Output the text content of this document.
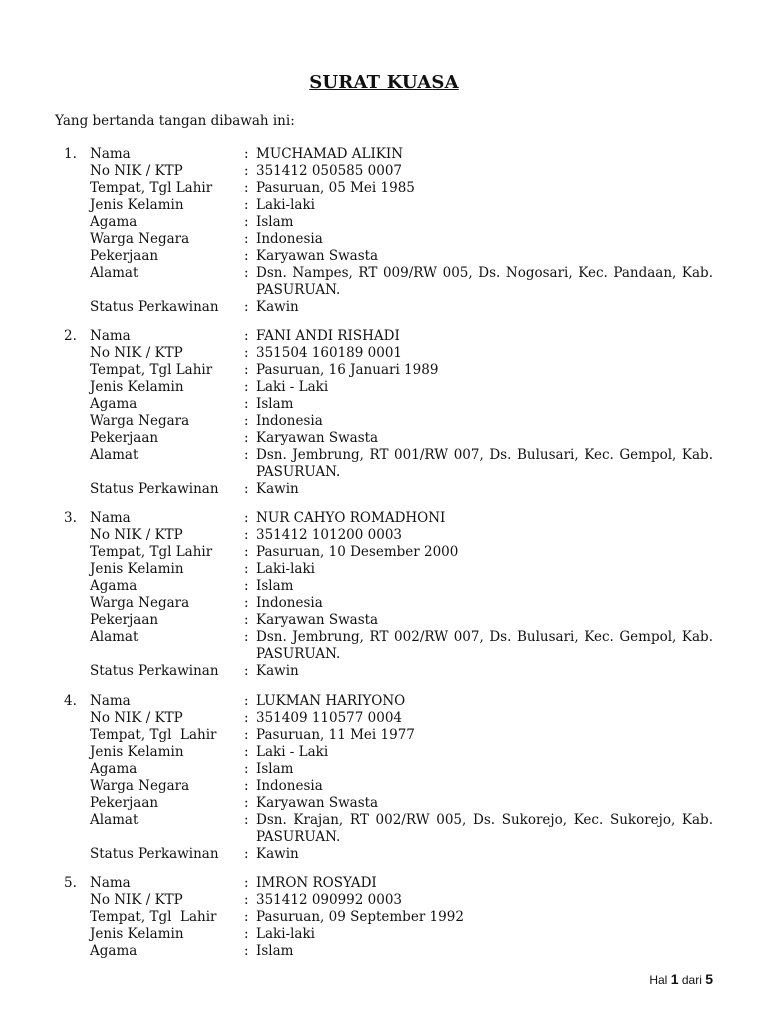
SURAT KUASA
Yang bertanda tangan dibawah ini:
1. Nama	: MUCHAMAD ALIKIN
No NIK / KTP	: 351412 050585 0007
Tempat, Tgl Lahir : Pasuruan, 05 Mei 1985
Jenis Kelamin	: Laki-laki
Agama	: Islam
Warga Negara	: Indonesia
Pekerjaan	: Karyawan Swasta
Alamat	: Dsn. Nampes, RT 009/RW 005, Ds. Nogosari, Kec. Pandaan, Kab. PASURUAN.
Status Perkawinan : Kawin
2. Nama	: FANI ANDI RISHADI
No NIK / KTP	: 351504 160189 0001
Tempat, Tgl Lahir : Pasuruan, 16 Januari 1989
Jenis Kelamin	: Laki - Laki
Agama	: Islam
Warga Negara	: Indonesia
Pekerjaan	: Karyawan Swasta
Alamat	: Dsn. Jembrung, RT 001/RW 007, Ds. Bulusari, Kec. Gempol, Kab. PASURUAN.
Status Perkawinan : Kawin
3. Nama	: NUR CAHYO ROMADHONI
No NIK / KTP	: 351412 101200 0003
Tempat, Tgl Lahir : Pasuruan, 10 Desember 2000
Jenis Kelamin	: Laki-laki
Agama	: Islam
Warga Negara	: Indonesia
Pekerjaan	: Karyawan Swasta
Alamat	: Dsn. Jembrung, RT 002/RW 007, Ds. Bulusari, Kec. Gempol, Kab. PASURUAN.
Status Perkawinan : Kawin
4. Nama	: LUKMAN HARIYONO
No NIK / KTP	: 351409 110577 0004
Tempat, Tgl  Lahir : Pasuruan, 11 Mei 1977
Jenis Kelamin	: Laki - Laki
Agama	: Islam
Warga Negara	: Indonesia
Pekerjaan	: Karyawan Swasta
Alamat	: Dsn. Krajan, RT 002/RW 005, Ds. Sukorejo, Kec. Sukorejo, Kab. PASURUAN.
Status Perkawinan : Kawin
5. Nama	: IMRON ROSYADI
No NIK / KTP	: 351412 090992 0003
Tempat, Tgl  Lahir : Pasuruan, 09 September 1992
Jenis Kelamin	: Laki-laki
Agama	: Islam
Hal 1 dari 5
